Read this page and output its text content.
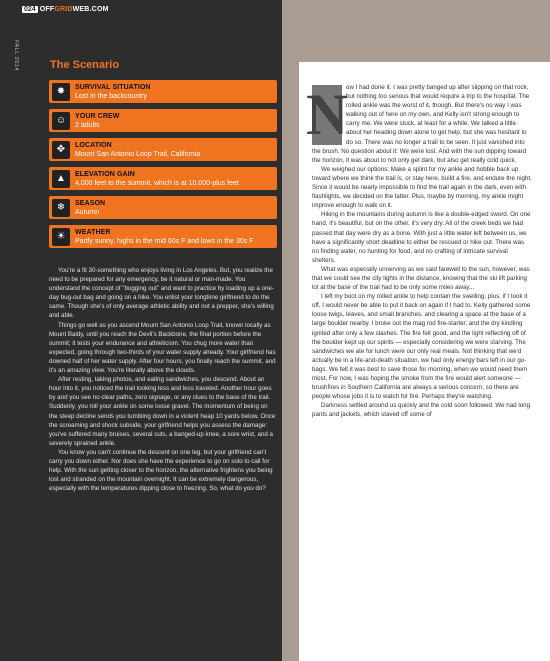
024 OFFGRIDWEB.COM
FALL 2014	The Scenario
✸	SURVIVAL SITUATION
Lost in the backcountry
☺	YOUR CREW
2 adults
✥	LOCATION
Mount San Antonio Loop Trail, California
▲	ELEVATION GAIN
4,000 feet to the summit, which is at 10,000-plus feet
❄	SEASON
Autumn
☀	WEATHER
Partly sunny, highs in the mid 60s F and lows in the 30s F

You're a fit 30-something who enjoys living in Los Angeles. But, you realize the need to be prepared for any emergency, be it natural or man-made. You understand the concept of "bugging out" and want to practice by loading up a one-day bug-out bag and going on a hike. You enlist your longtime girlfriend to do the same. Though she's of only average athletic ability and not a prepper, she's willing and able.

Things go well as you ascend Mount San Antonio Loop Trail, known locally as Mount Baldy, until you reach the Devil's Backbone, the final portion before the summit; it tests your endurance and athleticism. You chug more water than expected, going through two-thirds of your water supply already. Your girlfriend has downed half of her water supply. After four hours, you finally reach the summit, and it's an amazing view. You're literally above the clouds.

After resting, taking photos, and eating sandwiches, you descend. About an hour into it, you noticed the trail looking less and less traveled. Another hour goes by and you see no clear paths, zero signage, or any clues to the base of the trail. Suddenly, you roll your ankle on some loose gravel. The momentum of being on the steep decline sends you tumbling down in a violent heap 10 yards below. Once the screaming and shock subside, your girlfriend helps you assess the damage: you've suffered many bruises, several cuts, a banged-up knee, a sore wrist, and a severely sprained ankle.

You know you can't continue the descent on one leg, but your girlfriend can't carry you down either. Nor does she have the experience to go on solo to call for help. With the sun getting closer to the horizon, the alternative frightens you being lost and stranded on the mountain overnight. It can be extremely dangerous, especially with the temperatures dipping close to freezing. So, what do you do?

N

ow I had done it. I was pretty banged up after slipping on that rock, but nothing too serious that would require a trip to the hospital. The rolled ankle was the worst of it, though. But there's no way I was walking out of here on my own, and Kelly isn't strong enough to carry me. We were stuck, at least for a while. We talked a little about her heading down alone to get help, but she was hesitant to do so. There was no longer a trail to be seen. It just vanished into the brush. No question about it: We were lost. And with the sun dipping toward the horizon, it was about to not only get dark, but also get really cold quick.

We weighed our options: Make a splint for my ankle and hobble back up toward where we think the trail is, or stay here, build a fire, and endure the night. Since it would be nearly impossible to find the trail again in the dark, even with flashlights, we decided on the latter. Plus, maybe by morning, my ankle might improve enough to walk on it.

Hiking in the mountains during autumn is like a double-edged sword. On one hand, it's beautiful, but on the other, it's very dry. All of the creek beds we had passed that day were dry as a bone. With just a little water left between us, we have a significantly short deadline to either be rescued or hike out. There was no finding water, no hunting for food, and no crafting of intricate survival shelters.

What was especially unnerving as we said farewell to the sun, however, was that we could see the city lights in the distance, knowing that the ski lift parking lot at the base of the trail had to be only some miles away...

I left my boot on my rolled ankle to help contain the swelling, plus, if I took it off, I would never be able to put it back on again if I had to. Kelly gathered some loose twigs, leaves, and small branches, and clearing a space at the base of a large boulder nearby. I broke out the mag rod fire-starter, and the dry kindling ignited after only a few slashes. The fire felt good, and the light reflecting off of the boulder kept up our spirits — especially considering we were starving. The sandwiches we ate for lunch were our only real meals. Not thinking that we'd actually be in a life-and-death situation, we had only energy bars left in our go-bags. We felt it was best to save those for morning, when we would need them most. For now, I was hoping the smoke from the fire would alert someone — brushfires in Southern California are always a serious concern, so there are people whose jobs it is to watch for fire. Perhaps they're watching.

Darkness settled around us quickly and the cold soon followed. We had long pants and jackets, which staved off some of
